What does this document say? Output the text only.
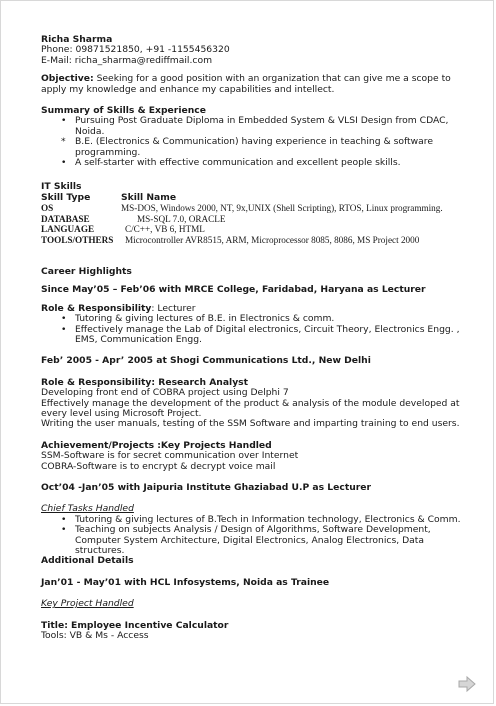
Richa Sharma
Phone: 09871521850, +91 -1155456320
E-Mail: richa_sharma@rediffmail.com
Objective: Seeking for a good position with an organization that can give me a scope to apply my knowledge and enhance my capabilities and intellect.
Summary of Skills & Experience
• Pursuing Post Graduate Diploma in Embedded System & VLSI Design from CDAC, Noida.
* B.E. (Electronics & Communication) having experience in teaching & software programming.
• A self-starter with effective communication and excellent people skills.
IT Skills
Skill Type	Skill Name
OS	MS-DOS, Windows 2000, NT, 9x,UNIX (Shell Scripting), RTOS, Linux programming.
DATABASE	MS-SQL 7.0, ORACLE
LANGUAGE	C/C++, VB 6, HTML
TOOLS/OTHERS	Microcontroller AVR8515, ARM, Microprocessor 8085, 8086, MS Project 2000
Career Highlights
Since May’05 – Feb’06 with MRCE College, Faridabad, Haryana as Lecturer
Role & Responsibility: Lecturer
• Tutoring & giving lectures of B.E. in Electronics & comm.
• Effectively manage the Lab of Digital electronics, Circuit Theory, Electronics Engg. , EMS, Communication Engg.
Feb’ 2005 - Apr’ 2005 at Shogi Communications Ltd., New Delhi
Role & Responsibility: Research Analyst
Developing front end of COBRA project using Delphi 7
Effectively manage the development of the product & analysis of the module developed at every level using Microsoft Project.
Writing the user manuals, testing of the SSM Software and imparting training to end users.
Achievement/Projects :Key Projects Handled
SSM-Software is for secret communication over Internet
COBRA-Software is to encrypt & decrypt voice mail
Oct’04 -Jan’05 with Jaipuria Institute Ghaziabad U.P as Lecturer
Chief Tasks Handled
• Tutoring & giving lectures of B.Tech in Information technology, Electronics & Comm.
• Teaching on subjects Analysis / Design of Algorithms, Software Development, Computer System Architecture, Digital Electronics, Analog Electronics, Data structures.
Additional Details
Jan’01 - May’01 with HCL Infosystems, Noida as Trainee
Key Project Handled
Title: Employee Incentive Calculator
Tools: VB & Ms - Access
